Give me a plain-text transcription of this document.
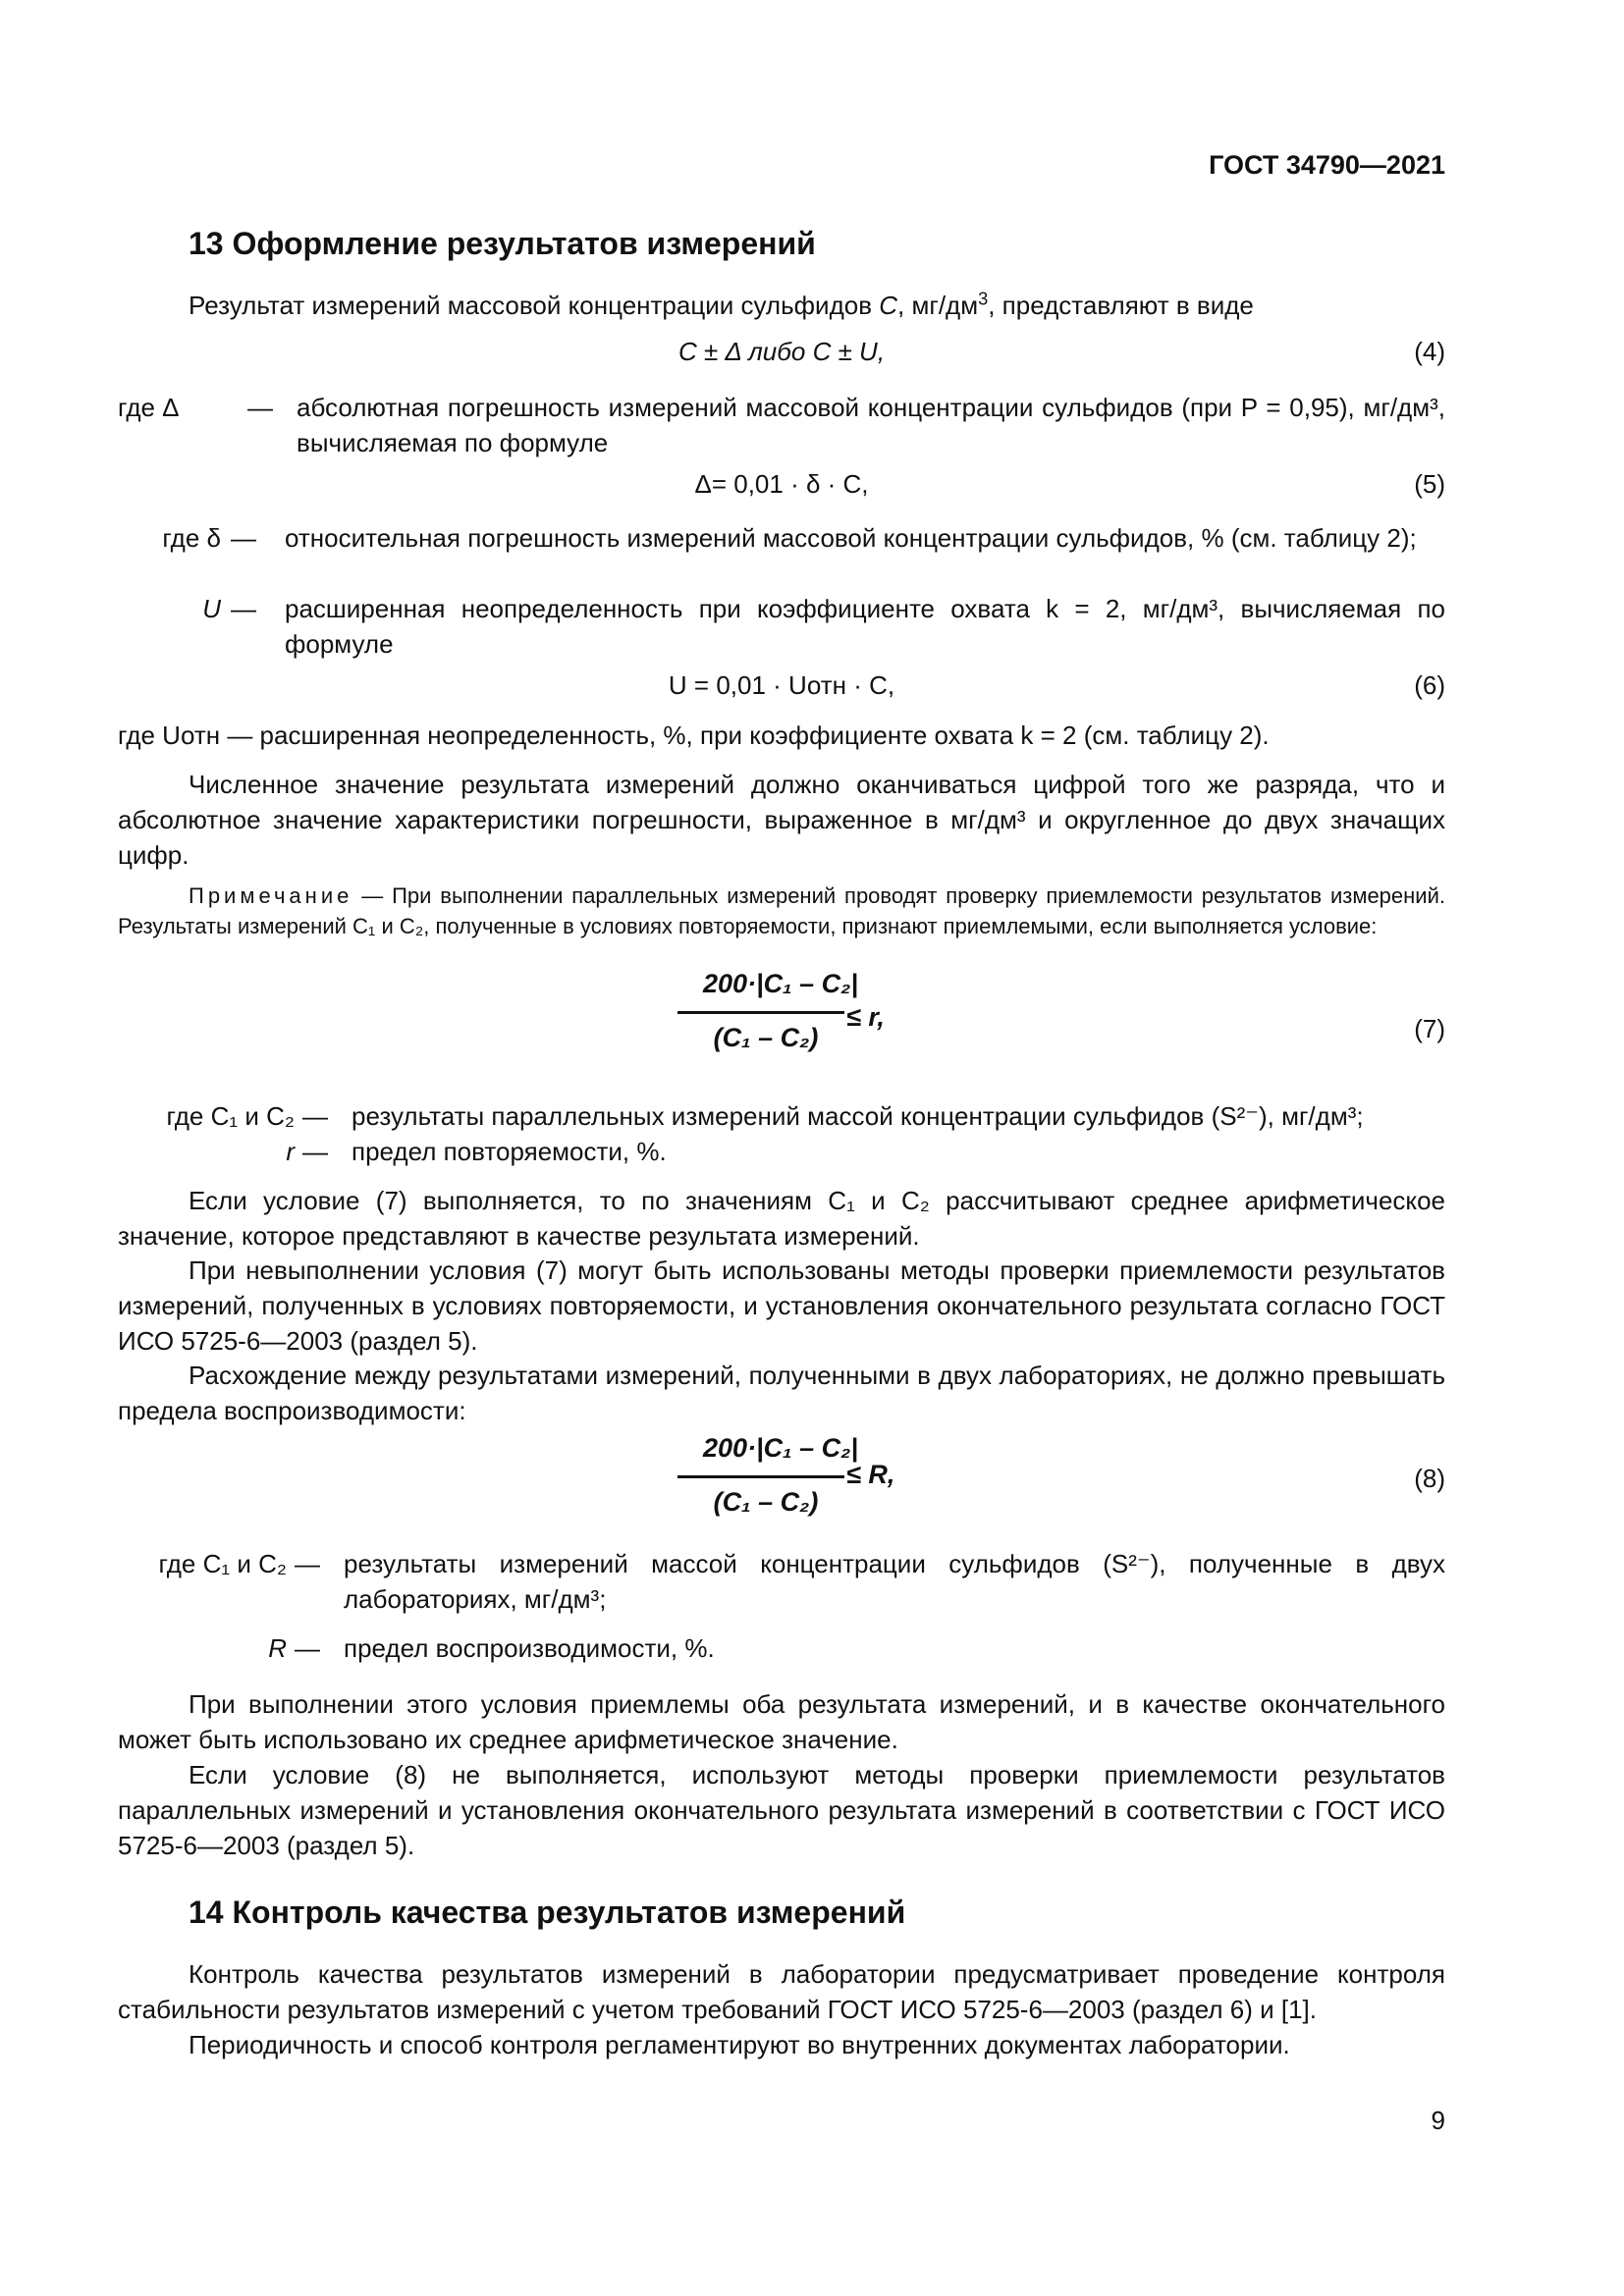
ГОСТ 34790—2021
13 Оформление результатов измерений
Результат измерений массовой концентрации сульфидов C, $мг/дм^3$, представляют в виде
C ± Δ либо C ± U,	(4)
где Δ	—	абсолютная погрешность измерений массовой концентрации сульфидов (при P = 0,95), мг/дм³, вычисляемая по формуле
Δ= 0,01 · δ · С,	(5)
где δ	—	относительная погрешность измерений массовой концентрации сульфидов, % (см. таблицу 2);
U	—	расширенная неопределенность при коэффициенте охвата k = 2, мг/дм³, вычисляемая по формуле
U = 0,01 · Uотн · C,	(6)
где Uотн — расширенная неопределенность, %, при коэффициенте охвата k = 2 (см. таблицу 2).
Численное значение результата измерений должно оканчиваться цифрой того же разряда, что и абсолютное значение характеристики погрешности, выраженное в мг/дм³ и округленное до двух значащих цифр.
Примечание — При выполнении параллельных измерений проводят проверку приемлемости результатов измерений. Результаты измерений C₁ и C₂, полученные в условиях повторяемости, признают приемлемыми, если выполняется условие:
200·|C₁ – C₂|
(C₁ – C₂)
≤ r,	(7)
где C₁ и C₂	—	результаты параллельных измерений массой концентрации сульфидов (S²⁻), мг/дм³;
r	—	предел повторяемости, %.
Если условие (7) выполняется, то по значениям C₁ и C₂ рассчитывают среднее арифметическое значение, которое представляют в качестве результата измерений.
При невыполнении условия (7) могут быть использованы методы проверки приемлемости результатов измерений, полученных в условиях повторяемости, и установления окончательного результата согласно ГОСТ ИСО 5725-6—2003 (раздел 5).
Расхождение между результатами измерений, полученными в двух лабораториях, не должно превышать предела воспроизводимости:
200·|C₁ – C₂|
(C₁ – C₂)
≤ R,	(8)
где C₁ и C₂	—	результаты измерений массой концентрации сульфидов (S²⁻), полученные в двух лабораториях, мг/дм³;
R	—	предел воспроизводимости, %.
При выполнении этого условия приемлемы оба результата измерений, и в качестве окончательного может быть использовано их среднее арифметическое значение.
Если условие (8) не выполняется, используют методы проверки приемлемости результатов параллельных измерений и установления окончательного результата измерений в соответствии с ГОСТ ИСО 5725-6—2003 (раздел 5).
14 Контроль качества результатов измерений
Контроль качества результатов измерений в лаборатории предусматривает проведение контроля стабильности результатов измерений с учетом требований ГОСТ ИСО 5725-6—2003 (раздел 6) и [1].
Периодичность и способ контроля регламентируют во внутренних документах лаборатории.
9
